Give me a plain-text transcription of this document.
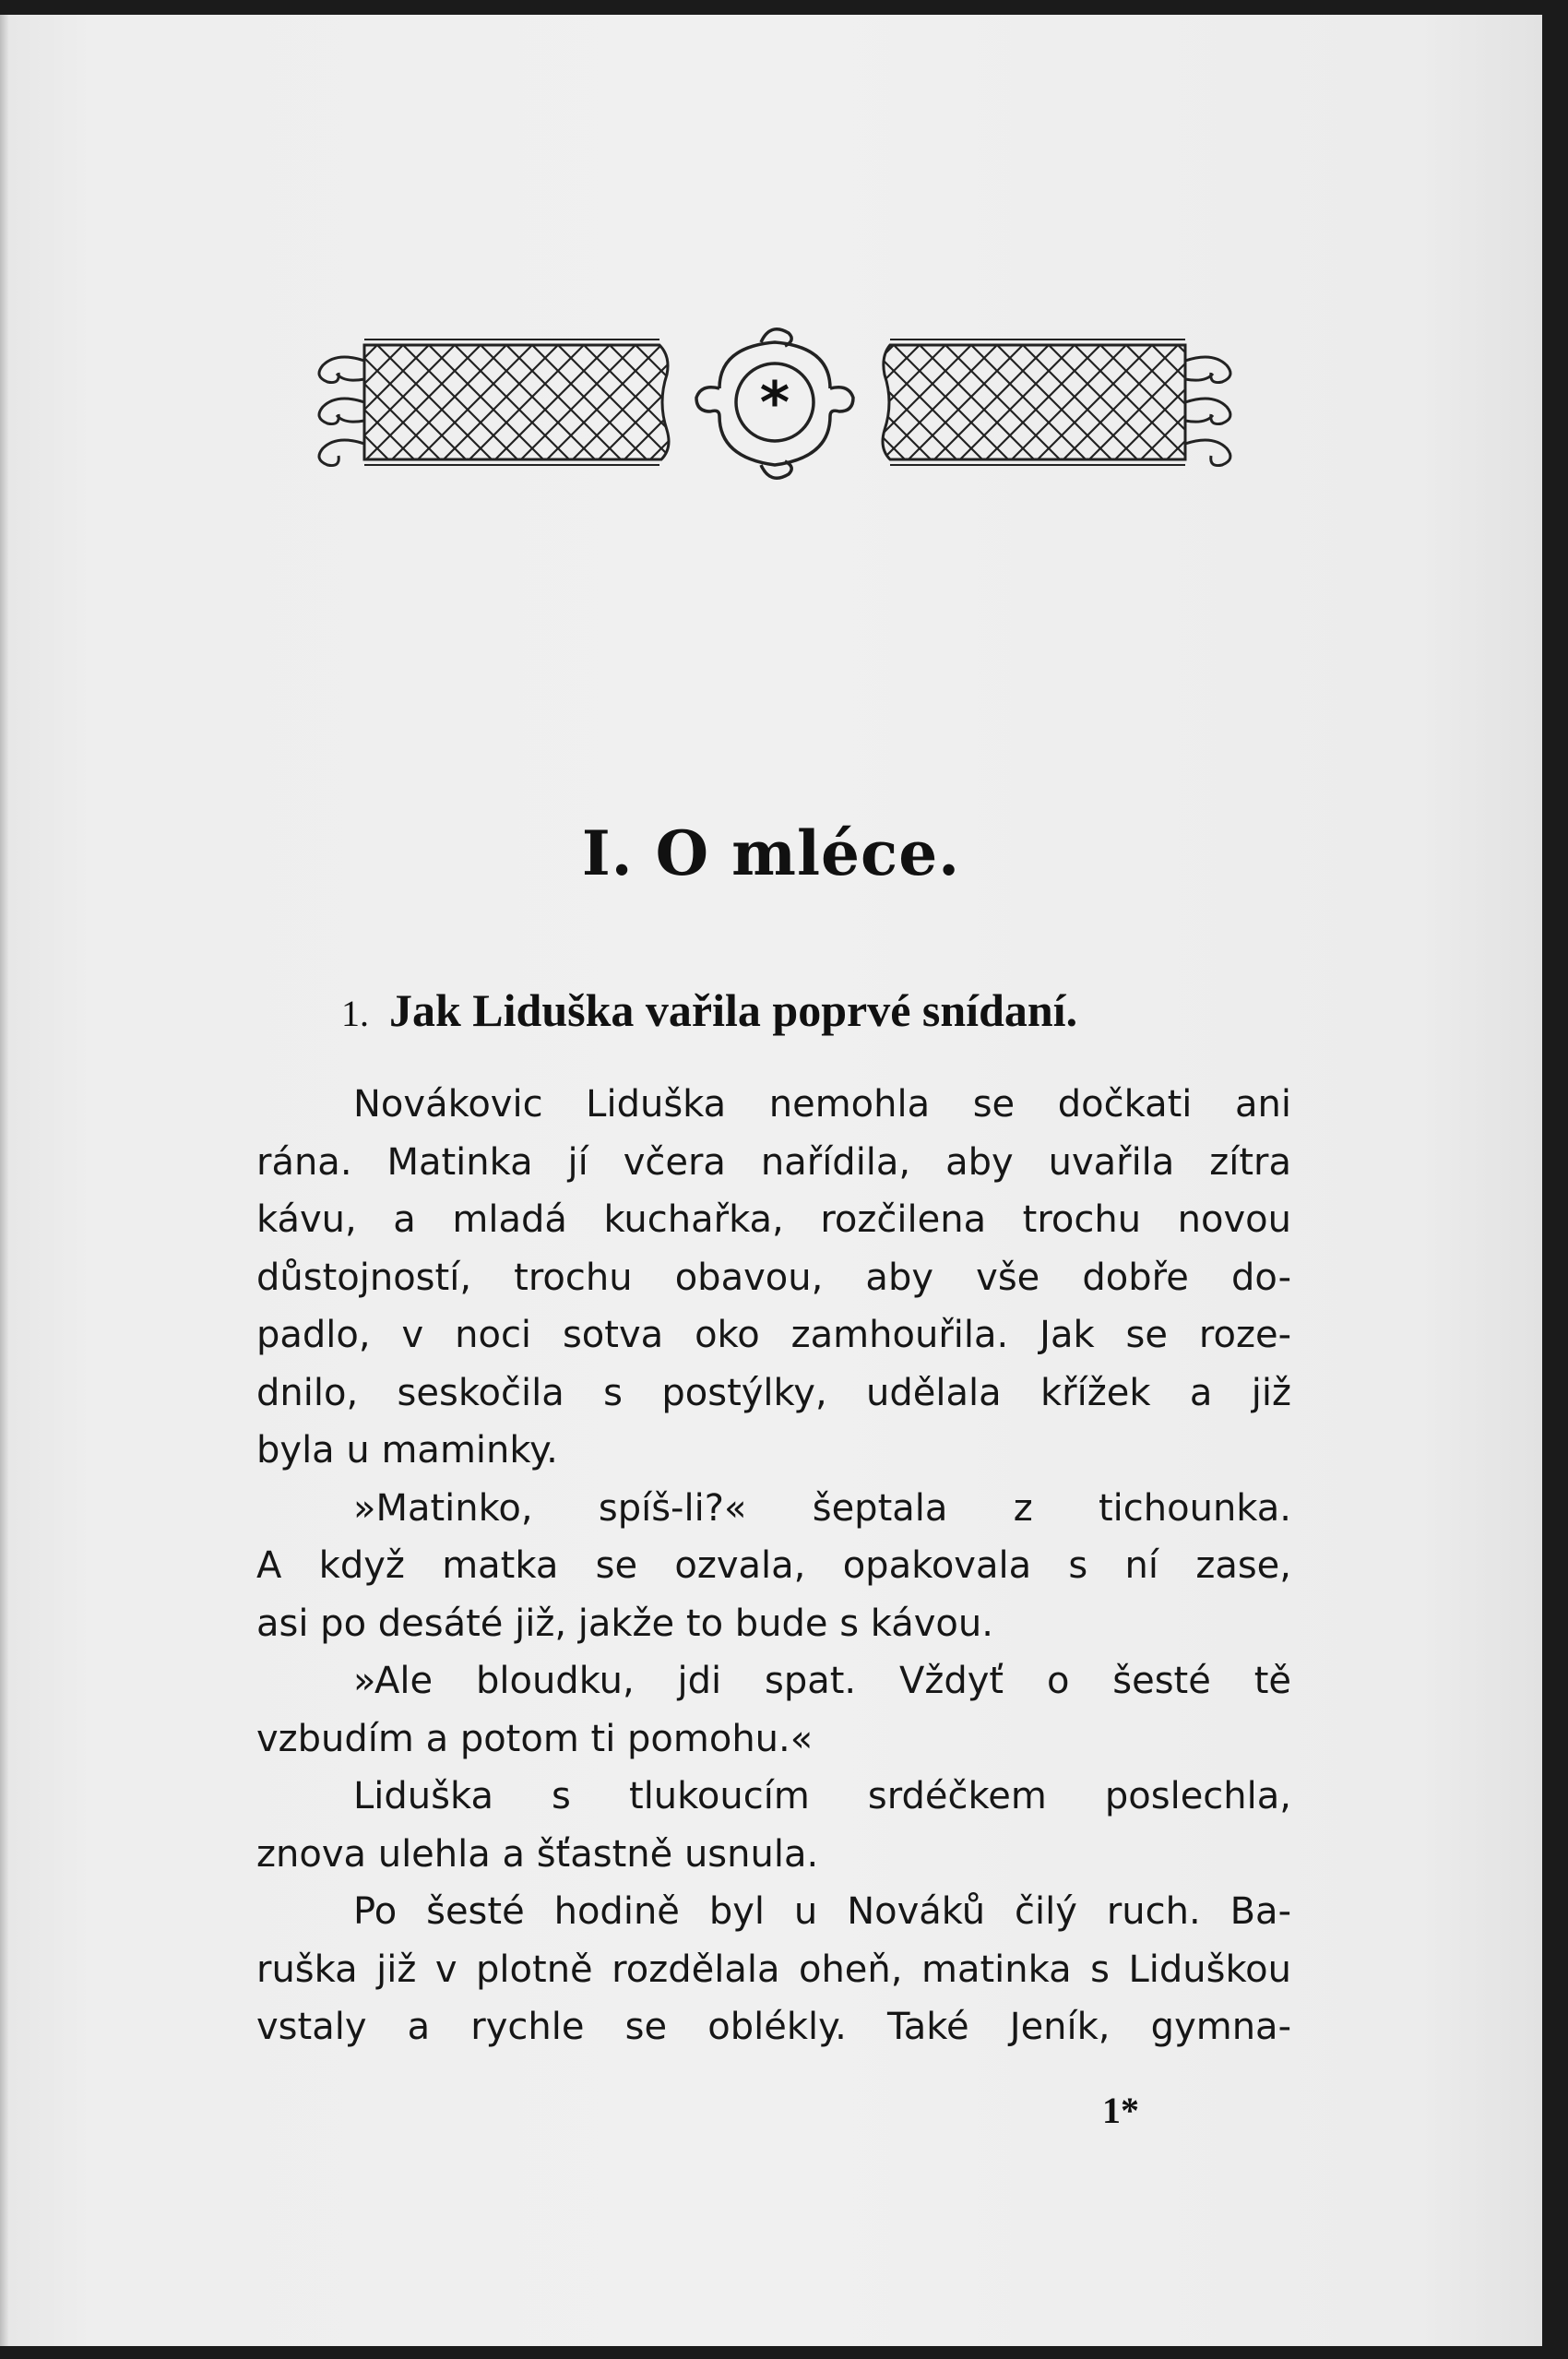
*
I. O mléce.
1. Jak Liduška vařila poprvé snídaní.
Novákovic Liduška nemohla se dočkati ani
rána. Matinka jí včera nařídila, aby uvařila zítra
kávu, a mladá kuchařka, rozčilena trochu novou
důstojností, trochu obavou, aby vše dobře do-
padlo, v noci sotva oko zamhouřila. Jak se roze-
dnilo, seskočila s postýlky, udělala křížek a již
byla u maminky.
»Matinko, spíš-li?« šeptala z tichounka.
A když matka se ozvala, opakovala s ní zase,
asi po desáté již, jakže to bude s kávou.
»Ale bloudku, jdi spat. Vždyť o šesté tě
vzbudím a potom ti pomohu.«
Liduška s tlukoucím srdéčkem poslechla,
znova ulehla a šťastně usnula.
Po šesté hodině byl u Nováků čilý ruch. Ba-
ruška již v plotně rozdělala oheň, matinka s Liduškou
vstaly a rychle se oblékly. Také Jeník, gymna-
1*
